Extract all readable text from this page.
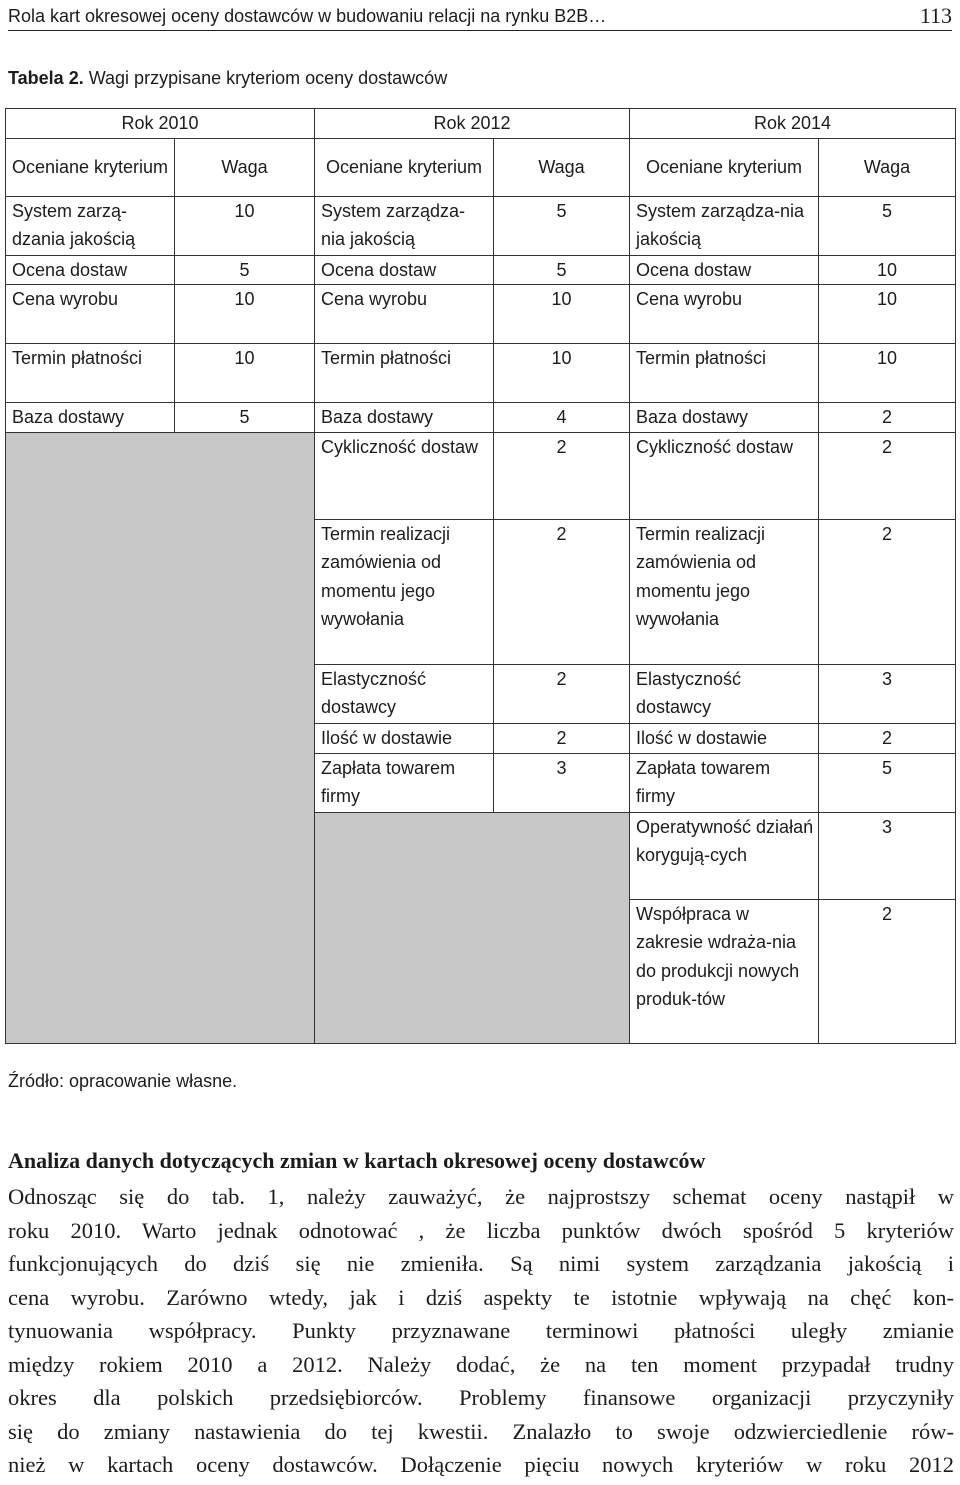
Rola kart okresowej oceny dostawców w budowaniu relacji na rynku B2B…	113
Tabela 2. Wagi przypisane kryteriom oceny dostawców
Rok 2010		Rok 2012		Rok 2014	
Oceniane kryterium	Waga	Oceniane kryterium	Waga	Oceniane kryterium	Waga
System zarzą-dzania jakością	10	System zarządza-nia jakością	5	System zarządza-nia jakością	5
Ocena dostaw	5	Ocena dostaw	5	Ocena dostaw	10
Cena wyrobu	10	Cena wyrobu	10	Cena wyrobu	10
Termin płatności	10	Termin płatności	10	Termin płatności	10
Baza dostawy	5	Baza dostawy	4	Baza dostawy	2
		Cykliczność dostaw	2	Cykliczność dostaw	2
		Termin realizacji zamówienia od momentu jego wywołania	2	Termin realizacji zamówienia od momentu jego wywołania	2
		Elastyczność dostawcy	2	Elastyczność dostawcy	3
		Ilość w dostawie	2	Ilość w dostawie	2
		Zapłata towarem firmy	3	Zapłata towarem firmy	5
				Operatywność działań korygują-cych	3
				Współpraca w zakresie wdraża-nia do produkcji nowych produk-tów	2
Źródło: opracowanie własne.
Analiza danych dotyczących zmian w kartach okresowej oceny dostawców
Odnosząc się do tab. 1, należy zauważyć, że najprostszy schemat oceny nastąpił w
roku 2010. Warto jednak odnotować , że liczba punktów dwóch spośród 5 kryteriów
funkcjonujących do dziś się nie zmieniła. Są nimi system zarządzania jakością i
cena wyrobu. Zarówno wtedy, jak i dziś aspekty te istotnie wpływają na chęć kon-
tynuowania współpracy. Punkty przyznawane terminowi płatności uległy zmianie
między rokiem 2010 a 2012. Należy dodać, że na ten moment przypadał trudny
okres dla polskich przedsiębiorców. Problemy finansowe organizacji przyczyniły
się do zmiany nastawienia do tej kwestii. Znalazło to swoje odzwierciedlenie rów-
nież w kartach oceny dostawców. Dołączenie pięciu nowych kryteriów w roku 2012
